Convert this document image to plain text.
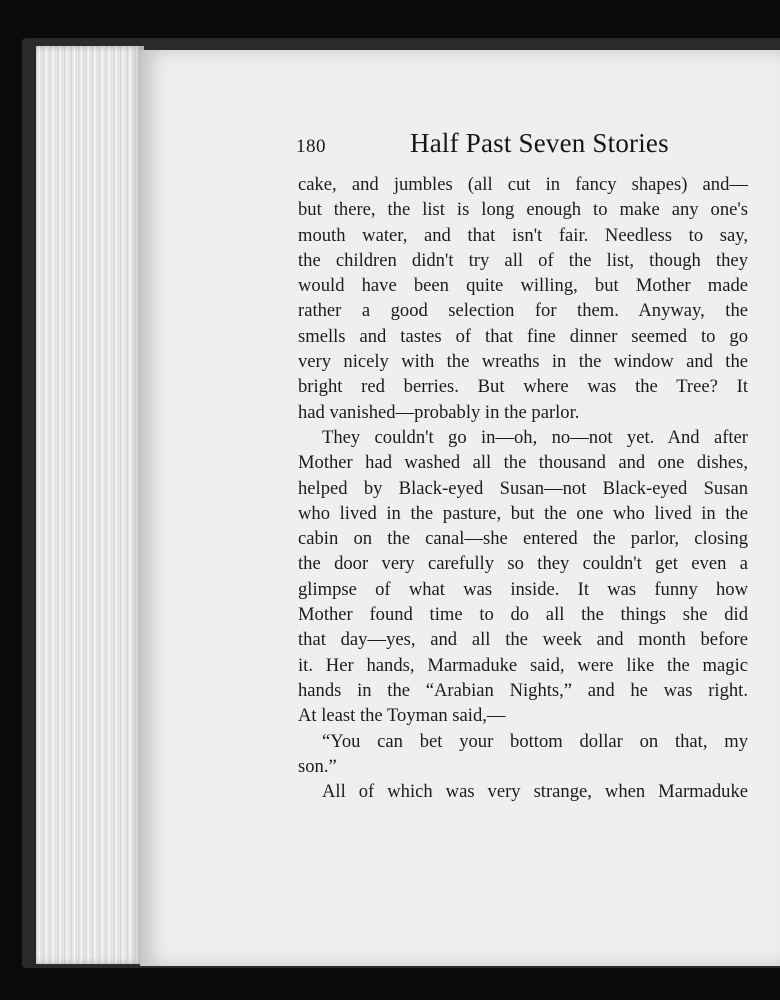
180	Half Past Seven Stories

cake, and jumbles (all cut in fancy shapes) and—

but there, the list is long enough to make any one's

mouth water, and that isn't fair. Needless to say,

the children didn't try all of the list, though they

would have been quite willing, but Mother made

rather a good selection for them. Anyway, the

smells and tastes of that fine dinner seemed to go

very nicely with the wreaths in the window and the

bright red berries. But where was the Tree? It

had vanished—probably in the parlor.

They couldn't go in—oh, no—not yet. And after

Mother had washed all the thousand and one dishes,

helped by Black-eyed Susan—not Black-eyed Susan

who lived in the pasture, but the one who lived in the

cabin on the canal—she entered the parlor, closing

the door very carefully so they couldn't get even a

glimpse of what was inside. It was funny how

Mother found time to do all the things she did

that day—yes, and all the week and month before

it. Her hands, Marmaduke said, were like the magic

hands in the “Arabian Nights,” and he was right.

At least the Toyman said,—

“You can bet your bottom dollar on that, my

son.”

All of which was very strange, when Marmaduke
